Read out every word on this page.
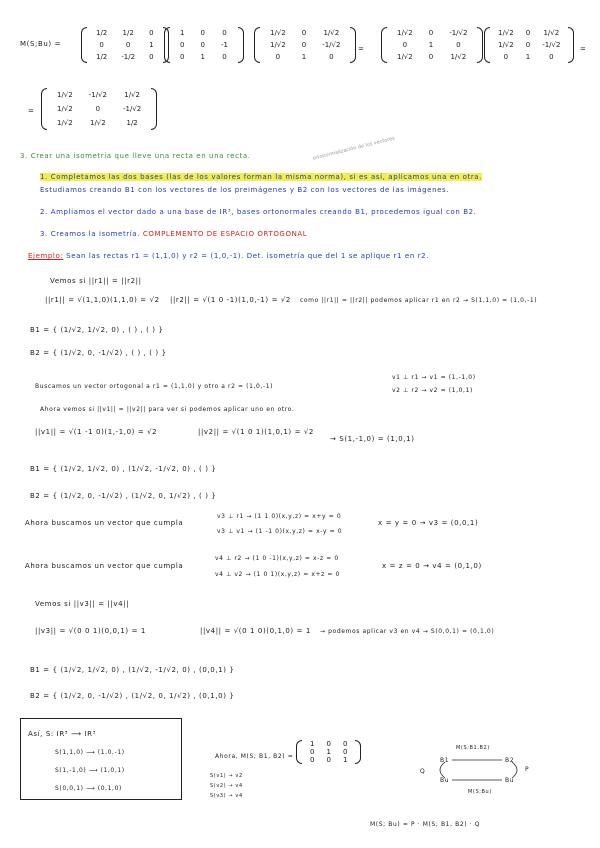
M(S;Bu) =
1/2	1/2	0
0	0	1
1/2	-1/2	0
1	0	0
0	0	-1
0	1	0
1/√2	0	1/√2
1/√2	0	-1/√2
0	1	0
=
1/√2	0	-1/√2
0	1	0
1/√2	0	1/√2
1/√2	0	1/√2
1/√2	0	-1/√2
0	1	0
=
=
1/√2	-1/√2	1/√2
1/√2	0	-1/√2
1/√2	1/√2	1/2
3. Crear una isometría que lleve una recta en una recta.	ortonormalización de los vectores
1. Completamos las dos bases (las de los valores forman la misma norma), si es así, aplicamos una en otra.
Estudiamos creando B1 con los vectores de los preimágenes y B2 con los vectores de las imágenes.
2. Ampliamos el vector dado a una base de IR³, bases ortonormales creando B1, procedemos igual con B2.
3. Creamos la isometría. COMPLEMENTO DE ESPACIO ORTOGONAL
Ejemplo: Sean las rectas r1 = (1,1,0) y r2 = (1,0,-1). Det. isometría que del 1 se aplique r1 en r2.
Vemos si ||r1|| = ||r2||
||r1|| = √(1,1,0)(1,1,0) = √2 ||r2|| = √(1 0 -1)(1,0,-1) = √2 como ||r1|| = ||r2|| podemos aplicar r1 en r2 → S(1,1,0) = (1,0,-1)
B1 = { (1/√2, 1/√2, 0) , ( ) , ( ) }
B2 = { (1/√2, 0, -1/√2) , ( ) , ( ) }
Buscamos un vector ortogonal a r1 = (1,1,0) y otro a r2 = (1,0,-1)
v1 ⊥ r1 → v1 = (1,-1,0)
v2 ⊥ r2 → v2 = (1,0,1)
Ahora vemos si ||v1|| = ||v2|| para ver si podemos aplicar uno en otro.
||v1|| = √(1 -1 0)(1,-1,0) = √2	||v2|| = √(1 0 1)(1,0,1) = √2
→ S(1,-1,0) = (1,0,1)
B1 = { (1/√2, 1/√2, 0) , (1/√2, -1/√2, 0) , ( ) }
B2 = { (1/√2, 0, -1/√2) , (1/√2, 0, 1/√2) , ( ) }
Ahora buscamos un vector que cumpla
v3 ⊥ r1 → (1 1 0)(x,y,z) = x+y = 0
v3 ⊥ v1 → (1 -1 0)(x,y,z) = x-y = 0
x = y = 0 → v3 = (0,0,1)
Ahora buscamos un vector que cumpla
v4 ⊥ r2 → (1 0 -1)(x,y,z) = x-z = 0
v4 ⊥ v2 → (1 0 1)(x,y,z) = x+z = 0
x = z = 0 → v4 = (0,1,0)
Vemos si ||v3|| = ||v4||
||v3|| = √(0 0 1)(0,0,1) = 1	||v4|| = √(0 1 0)(0,1,0) = 1 → podemos aplicar v3 en v4 → S(0,0,1) = (0,1,0)
B1 = { (1/√2, 1/√2, 0) , (1/√2, -1/√2, 0) , (0,0,1) }
B2 = { (1/√2, 0, -1/√2) , (1/√2, 0, 1/√2) , (0,1,0) }
Así, S: IR³ ⟶ IR³
S(1,1,0) ⟶ (1,0,-1)
S(1,-1,0) ⟶ (1,0,1)
S(0,0,1) ⟶ (0,1,0)
Ahora, M(S; B1, B2) =
1	0	0
0	1	0
0	0	1
S(v1) → v2
S(v2) → v4
S(v3) → v4
M(S;B1,B2)
B1	B2
Bu	Bu
P
Q
M(S;Bu)
M(S; Bu) = P · M(S; B1, B2) · Q
